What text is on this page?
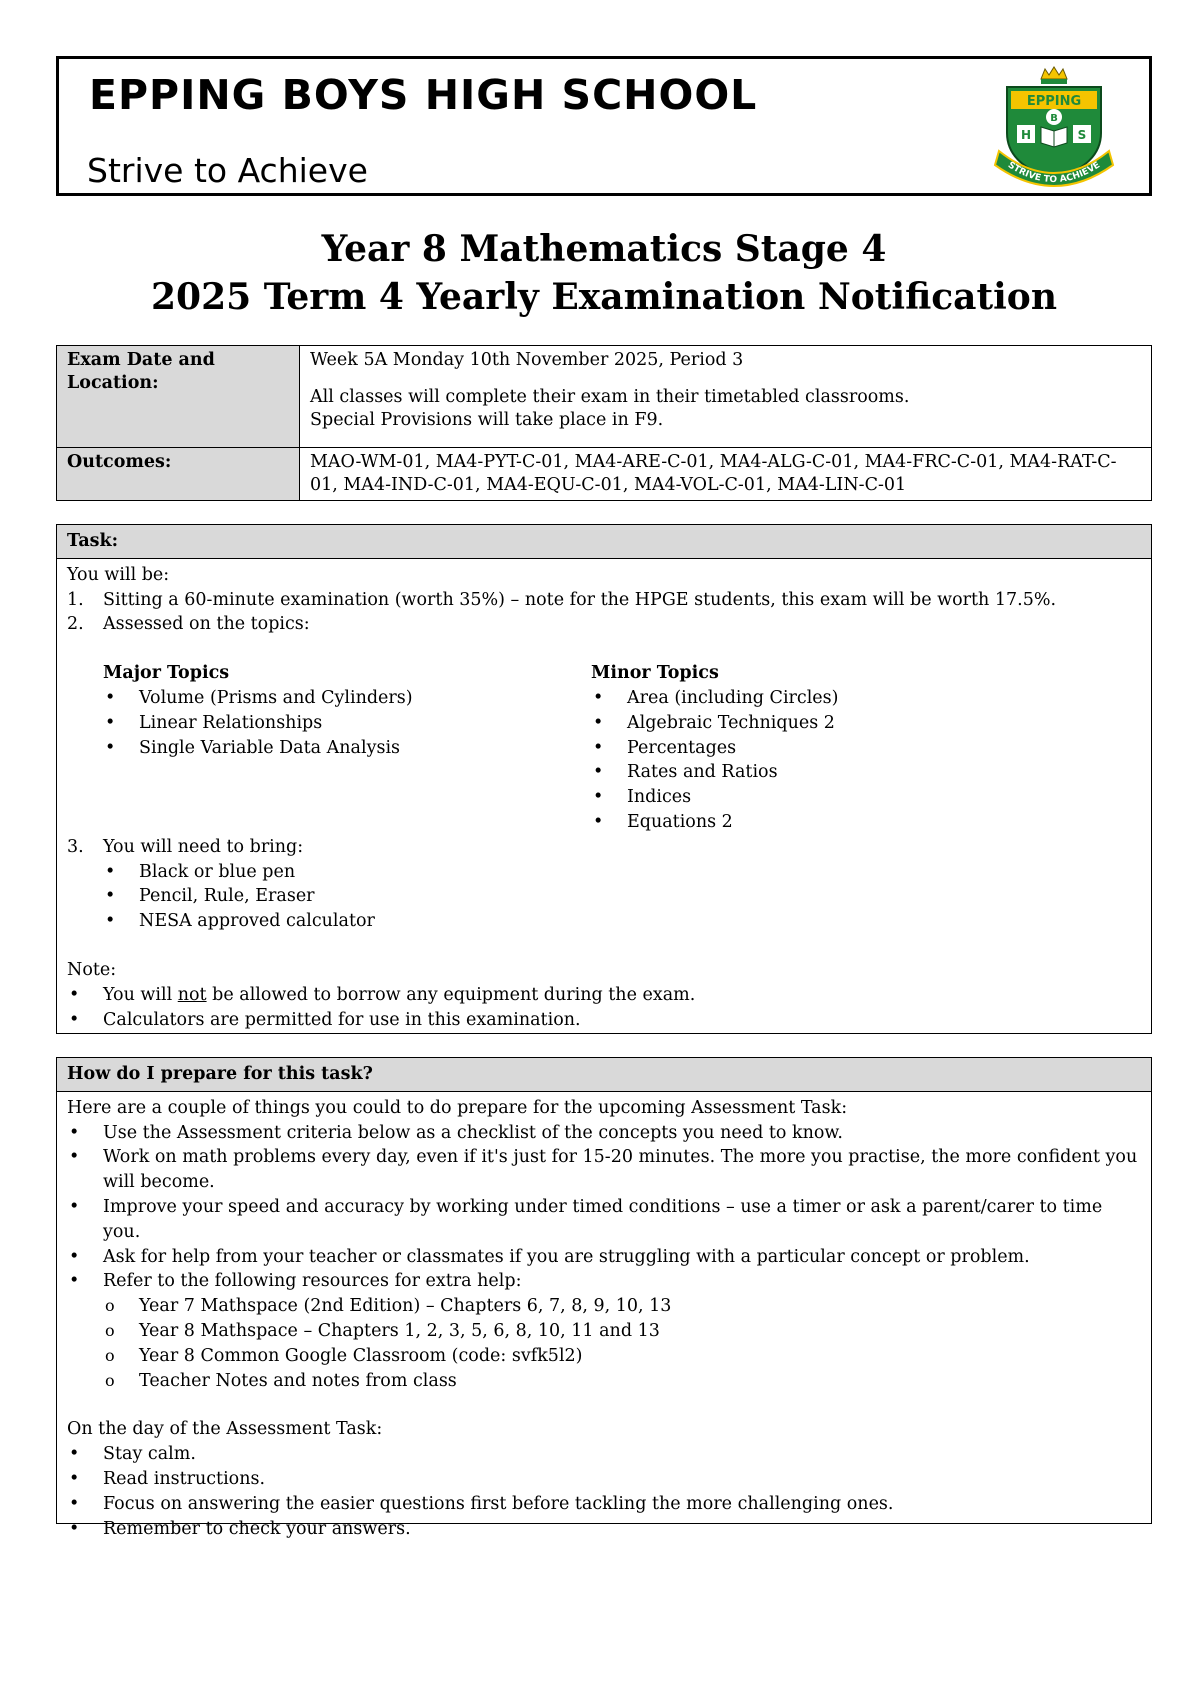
EPPING BOYS HIGH SCHOOL
Strive to Achieve
EPPING
B
H	S
STRIVE TO ACHIEVE
Year 8 Mathematics Stage 4
2025 Term 4 Yearly Examination Notification
Exam Date and Location:	Week 5A Monday 10th November 2025, Period 3
All classes will complete their exam in their timetabled classrooms.
Special Provisions will take place in F9.

Outcomes:	MAO-WM-01, MA4-PYT-C-01, MA4-ARE-C-01, MA4-ALG-C-01, MA4-FRC-C-01, MA4-RAT-C-01, MA4-IND-C-01, MA4-EQU-C-01, MA4-VOL-C-01, MA4-LIN-C-01
Task:
You will be:
1. Sitting a 60-minute examination (worth 35%) – note for the HPGE students, this exam will be worth 17.5%.
2. Assessed on the topics:
Major Topics
• Volume (Prisms and Cylinders)
• Linear Relationships
• Single Variable Data Analysis
Minor Topics
• Area (including Circles)
• Algebraic Techniques 2
• Percentages
• Rates and Ratios
• Indices
• Equations 2
3. You will need to bring:
• Black or blue pen
• Pencil, Rule, Eraser
• NESA approved calculator
Note:
• You will not be allowed to borrow any equipment during the exam.
• Calculators are permitted for use in this examination.
How do I prepare for this task?
Here are a couple of things you could to do prepare for the upcoming Assessment Task:
• Use the Assessment criteria below as a checklist of the concepts you need to know.
• Work on math problems every day, even if it's just for 15-20 minutes. The more you practise, the more confident you will become.
• Improve your speed and accuracy by working under timed conditions – use a timer or ask a parent/carer to time you.
• Ask for help from your teacher or classmates if you are struggling with a particular concept or problem.
• Refer to the following resources for extra help:
o Year 7 Mathspace (2nd Edition) – Chapters 6, 7, 8, 9, 10, 13
o Year 8 Mathspace – Chapters 1, 2, 3, 5, 6, 8, 10, 11 and 13
o Year 8 Common Google Classroom (code: svfk5l2)
o Teacher Notes and notes from class
On the day of the Assessment Task:
• Stay calm.
• Read instructions.
• Focus on answering the easier questions first before tackling the more challenging ones.
• Remember to check your answers.
